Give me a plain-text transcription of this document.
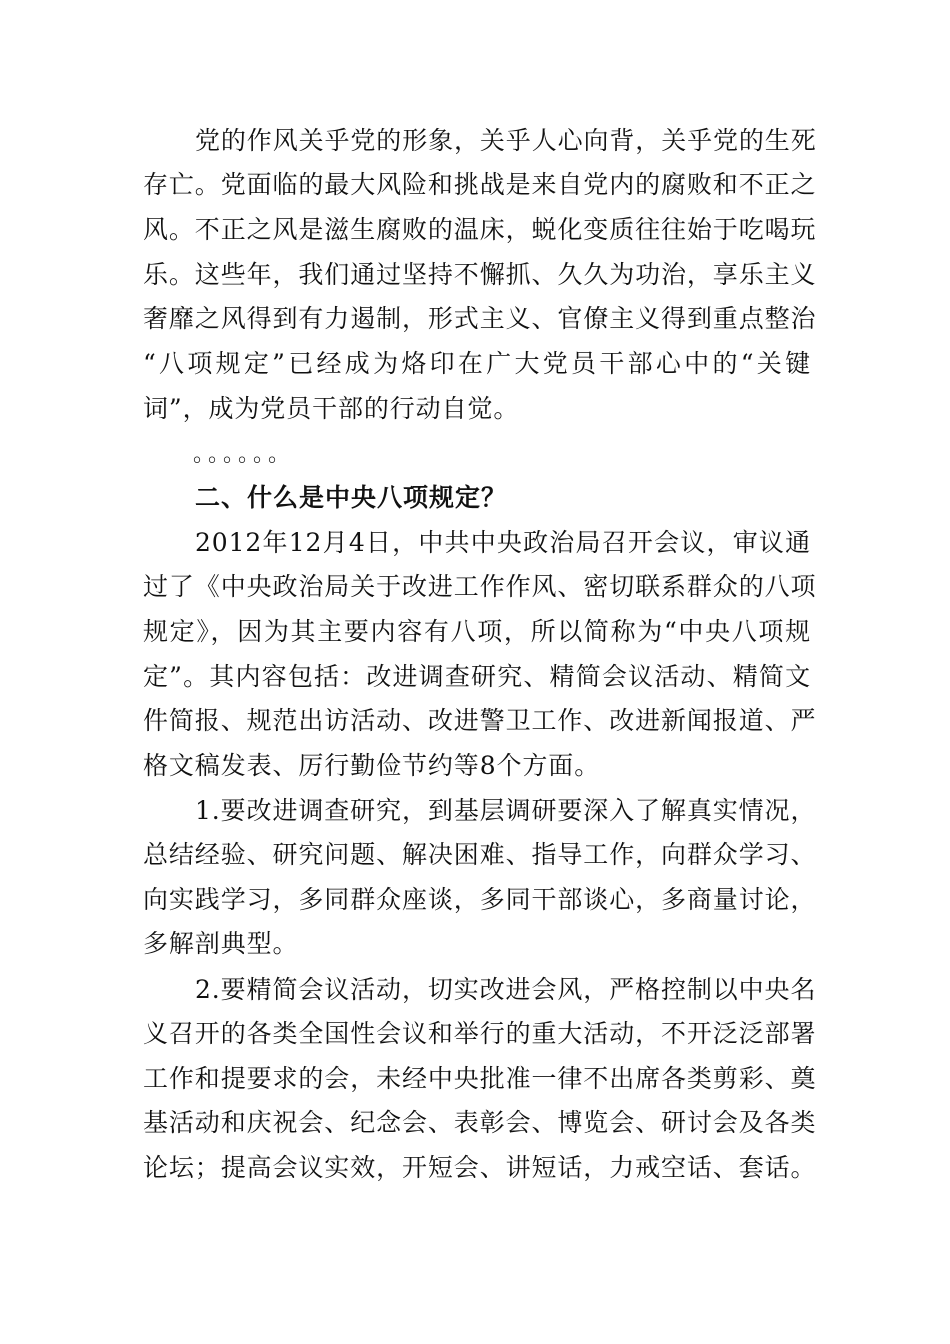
党的作风关乎党的形象，关乎人心向背，关乎党的生死
存亡。党面临的最大风险和挑战是来自党内的腐败和不正之
风。不正之风是滋生腐败的温床，蜕化变质往往始于吃喝玩
乐。这些年，我们通过坚持不懈抓、久久为功治，享乐主义
奢靡之风得到有力遏制，形式主义、官僚主义得到重点整治
“八项规定”已经成为烙印在广大党员干部心中的“关键
词”，成为党员干部的行动自觉。
。。。。。。
二、什么是中央八项规定？
2012年12月4日，中共中央政治局召开会议，审议通
过了《中央政治局关于改进工作作风、密切联系群众的八项
规定》，因为其主要内容有八项，所以简称为“中央八项规
定”。其内容包括：改进调查研究、精简会议活动、精简文
件简报、规范出访活动、改进警卫工作、改进新闻报道、严
格文稿发表、厉行勤俭节约等8个方面。
1.要改进调查研究，到基层调研要深入了解真实情况，
总结经验、研究问题、解决困难、指导工作，向群众学习、
向实践学习，多同群众座谈，多同干部谈心，多商量讨论，
多解剖典型。
2.要精简会议活动，切实改进会风，严格控制以中央名
义召开的各类全国性会议和举行的重大活动，不开泛泛部署
工作和提要求的会，未经中央批准一律不出席各类剪彩、奠
基活动和庆祝会、纪念会、表彰会、博览会、研讨会及各类
论坛；提高会议实效，开短会、讲短话，力戒空话、套话。
